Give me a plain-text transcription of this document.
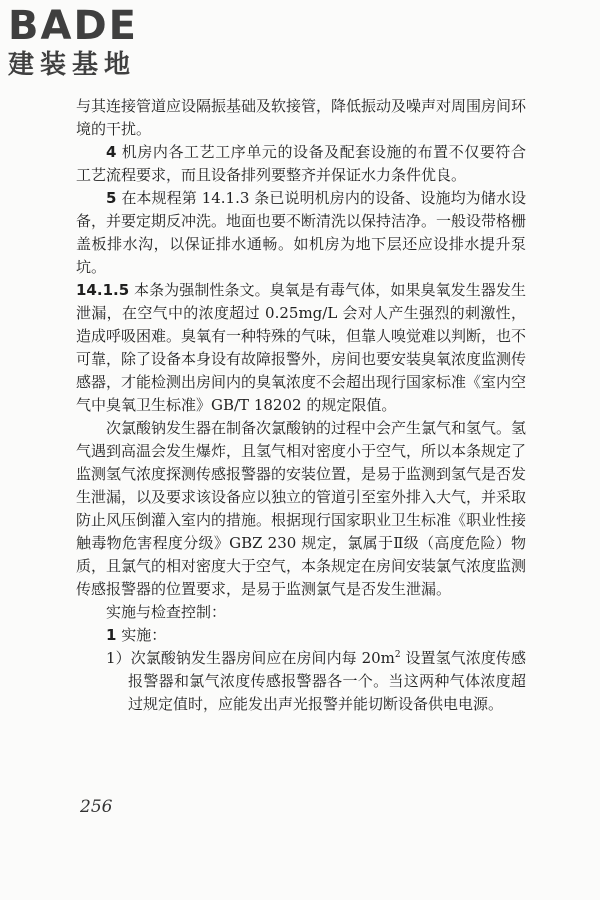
BADE
建装基地

与其连接管道应设隔振基础及软接管，降低振动及噪声对周围房间环境的干扰。

4 机房内各工艺工序单元的设备及配套设施的布置不仅要符合工艺流程要求，而且设备排列要整齐并保证水力条件优良。

5 在本规程第 14.1.3 条已说明机房内的设备、设施均为储水设备，并要定期反冲洗。地面也要不断清洗以保持洁净。一般设带格栅盖板排水沟，以保证排水通畅。如机房为地下层还应设排水提升泵坑。

14.1.5 本条为强制性条文。臭氧是有毒气体，如果臭氧发生器发生泄漏，在空气中的浓度超过 0.25mg/L 会对人产生强烈的刺激性，造成呼吸困难。臭氧有一种特殊的气味，但靠人嗅觉难以判断，也不可靠，除了设备本身设有故障报警外，房间也要安装臭氧浓度监测传感器，才能检测出房间内的臭氧浓度不会超出现行国家标准《室内空气中臭氧卫生标准》GB/T 18202 的规定限值。

次氯酸钠发生器在制备次氯酸钠的过程中会产生氯气和氢气。氢气遇到高温会发生爆炸，且氢气相对密度小于空气，所以本条规定了监测氢气浓度探测传感报警器的安装位置，是易于监测到氢气是否发生泄漏，以及要求该设备应以独立的管道引至室外排入大气，并采取防止风压倒灌入室内的措施。根据现行国家职业卫生标准《职业性接触毒物危害程度分级》GBZ 230 规定，氯属于Ⅱ级（高度危险）物质，且氯气的相对密度大于空气，本条规定在房间安装氯气浓度监测传感报警器的位置要求，是易于监测氯气是否发生泄漏。

实施与检查控制：

1 实施：

1）次氯酸钠发生器房间应在房间内每 $20m^2$ 设置氢气浓度传感报警器和氯气浓度传感报警器各一个。当这两种气体浓度超过规定值时，应能发出声光报警并能切断设备供电电源。

256
